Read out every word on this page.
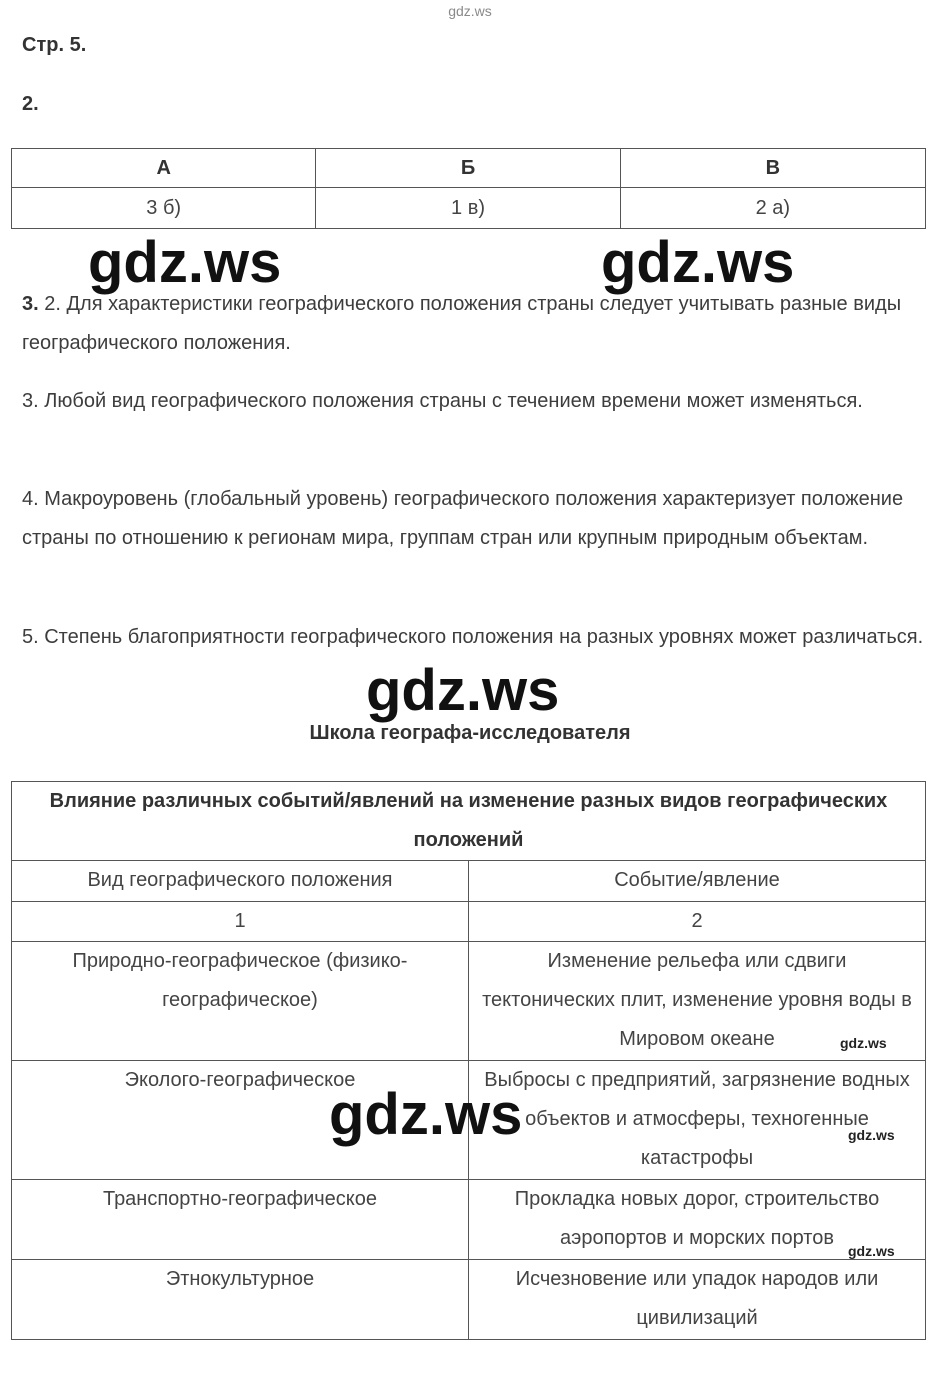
gdz.ws
Стр. 5.
2.
А	Б	В
3 б)	1 в)	2 а)
3. 2. Для характеристики географического положения страны следует учитывать разные виды географического положения.
3. Любой вид географического положения страны с течением времени может изменяться.
4. Макроуровень (глобальный уровень) географического положения характеризует положение страны по отношению к регионам мира, группам стран или крупным природным объектам.
5. Степень благоприятности географического положения на разных уровнях может различаться.
Школа географа-исследователя
Влияние различных событий/явлений на изменение разных видов географических положений	
Вид географического положения	Событие/явление
1	2
Природно-географическое (физико-географическое)	Изменение рельефа или сдвиги тектонических плит, изменение уровня воды в Мировом океане
Эколого-географическое	Выбросы с предприятий, загрязнение водных объектов и атмосферы, техногенные катастрофы
Транспортно-географическое	Прокладка новых дорог, строительство аэропортов и морских портов
Этнокультурное	Исчезновение или упадок народов или цивилизаций
gdz.ws	gdz.ws
gdz.ws
gdz.ws
gdz.ws
gdz.ws
gdz.ws
